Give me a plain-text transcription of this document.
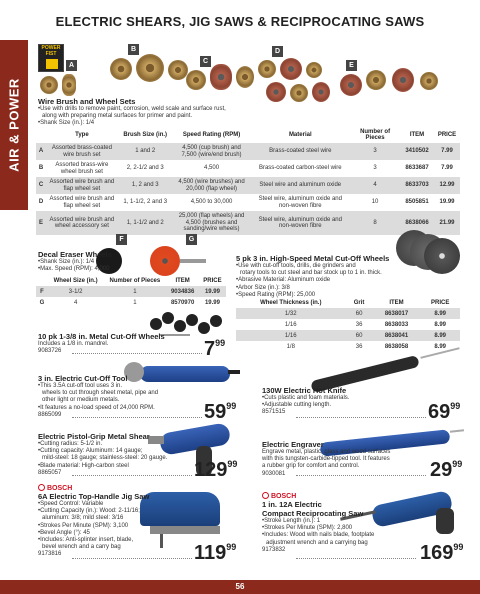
ELECTRIC SHEARS, JIG SAWS & RECIPROCATING SAWS
AIR & POWER
POWER
FIST
A
B
C
D
E
Wire Brush and Wheel Sets
•Use with drills to remove paint, corrosion, weld scale and surface rust,
along with preparing metal surfaces for primer and paint.
•Shank Size (in.): 1/4
	Type	Brush Size (in.)	Speed Rating (RPM)	Material	Number of Pieces	ITEM	PRICE
A	Assorted brass-coated wire brush set	1 and 2	4,500 (cup brush) and 7,500 (wire/end brush)	Brass-coated steel wire	3	3410502	7.99
B	Assorted brass-wire wheel brush set	2, 2-1/2 and 3	4,500	Brass-coated carbon-steel wire	3	8633687	7.99
C	Assorted wire brush and flap wheel set	1, 2 and 3	4,500 (wire brushes) and 20,000 (flap wheel)	Steel wire and aluminum oxide	4	8633703	12.99
D	Assorted wire brush and flap wheel set	1, 1-1/2, 2 and 3	4,500 to 30,000	Steel wire, aluminum oxide and non-woven fibre	10	8505851	19.99
E	Assorted wire brush and wheel accessory set	1, 1-1/2 and 2	25,000 (flap wheels) and 4,500 (brushes and sanding/wire wheels)	Steel wire, aluminum oxide and non-woven fibre	8	8638066	21.99
F	G
Decal Eraser Wheels
•Shank Size (in.): 1/4
•Max. Speed (RPM): 4,000
	Wheel Size (in.)	Number of Pieces	ITEM	PRICE
F	3-1/2	1	9034836	19.99
G	4	1	8570970	19.99
5 pk 3 in. High-Speed Metal Cut-Off Wheels
•Use with cut-off tools, drills, die grinders and
rotary tools to cut steel and bar stock up to 1 in. thick.
•Abrasive Material: Aluminum oxide
•Arbor Size (in.): 3/8
•Speed Rating (RPM): 25,000
Wheel Thickness (in.)	Grit	ITEM	PRICE
1/32	60	8638017	8.99
1/16	36	8638033	8.99
1/16	60	8638041	8.99
1/8	36	8638058	8.99
10 pk 1-3/8 in. Metal Cut-Off Wheels
Includes a 1/8 in. mandrel.
9083726	$7^{99}$
3 in. Electric Cut-Off Tool
•This 3.5A cut-off tool uses 3 in.
wheels to cut through sheet metal, pipe and
other light or medium metals.
•It features a no-load speed of 24,000 RPM.
8865099	$59^{99}$
130W Electric Hot Knife
•Cuts plastic and foam materials.
•Adjustable cutting length.
8571515	$69^{99}$
Electric Pistol-Grip Metal Shear
•Cutting radius: 5-1/2 in.
•Cutting capacity: Aluminum: 14 gauge;
mild-steel: 18 gauge; stainless-steel: 20 gauge.
•Blade material: High-carbon steel
8865057	$129^{99}$
Electric Engraver
Engrave metal, plastic, glass and wood surfaces
with this tungsten-carbide-tipped tool. It features
a rubber grip for comfort and control.
9030081	$29^{99}$
BOSCH
6A Electric Top-Handle Jig Saw
•Speed Control: Variable
•Cutting Capacity (in.): Wood: 2-11/16;
aluminum: 3/8; mild steel: 3/16
•Strokes Per Minute (SPM): 3,100
•Bevel Angle (°): 45
•Includes: Anti-splinter insert, blade,
bevel wrench and a carry bag
9173816	$119^{99}$
BOSCH
1 in. 12A Electric
Compact Reciprocating Saw
•Stroke Length (in.): 1
•Strokes Per Minute (SPM): 2,800
•Includes: Wood with nails blade, footplate
adjustment wrench and a carrying bag
9173832	$169^{99}$
56
